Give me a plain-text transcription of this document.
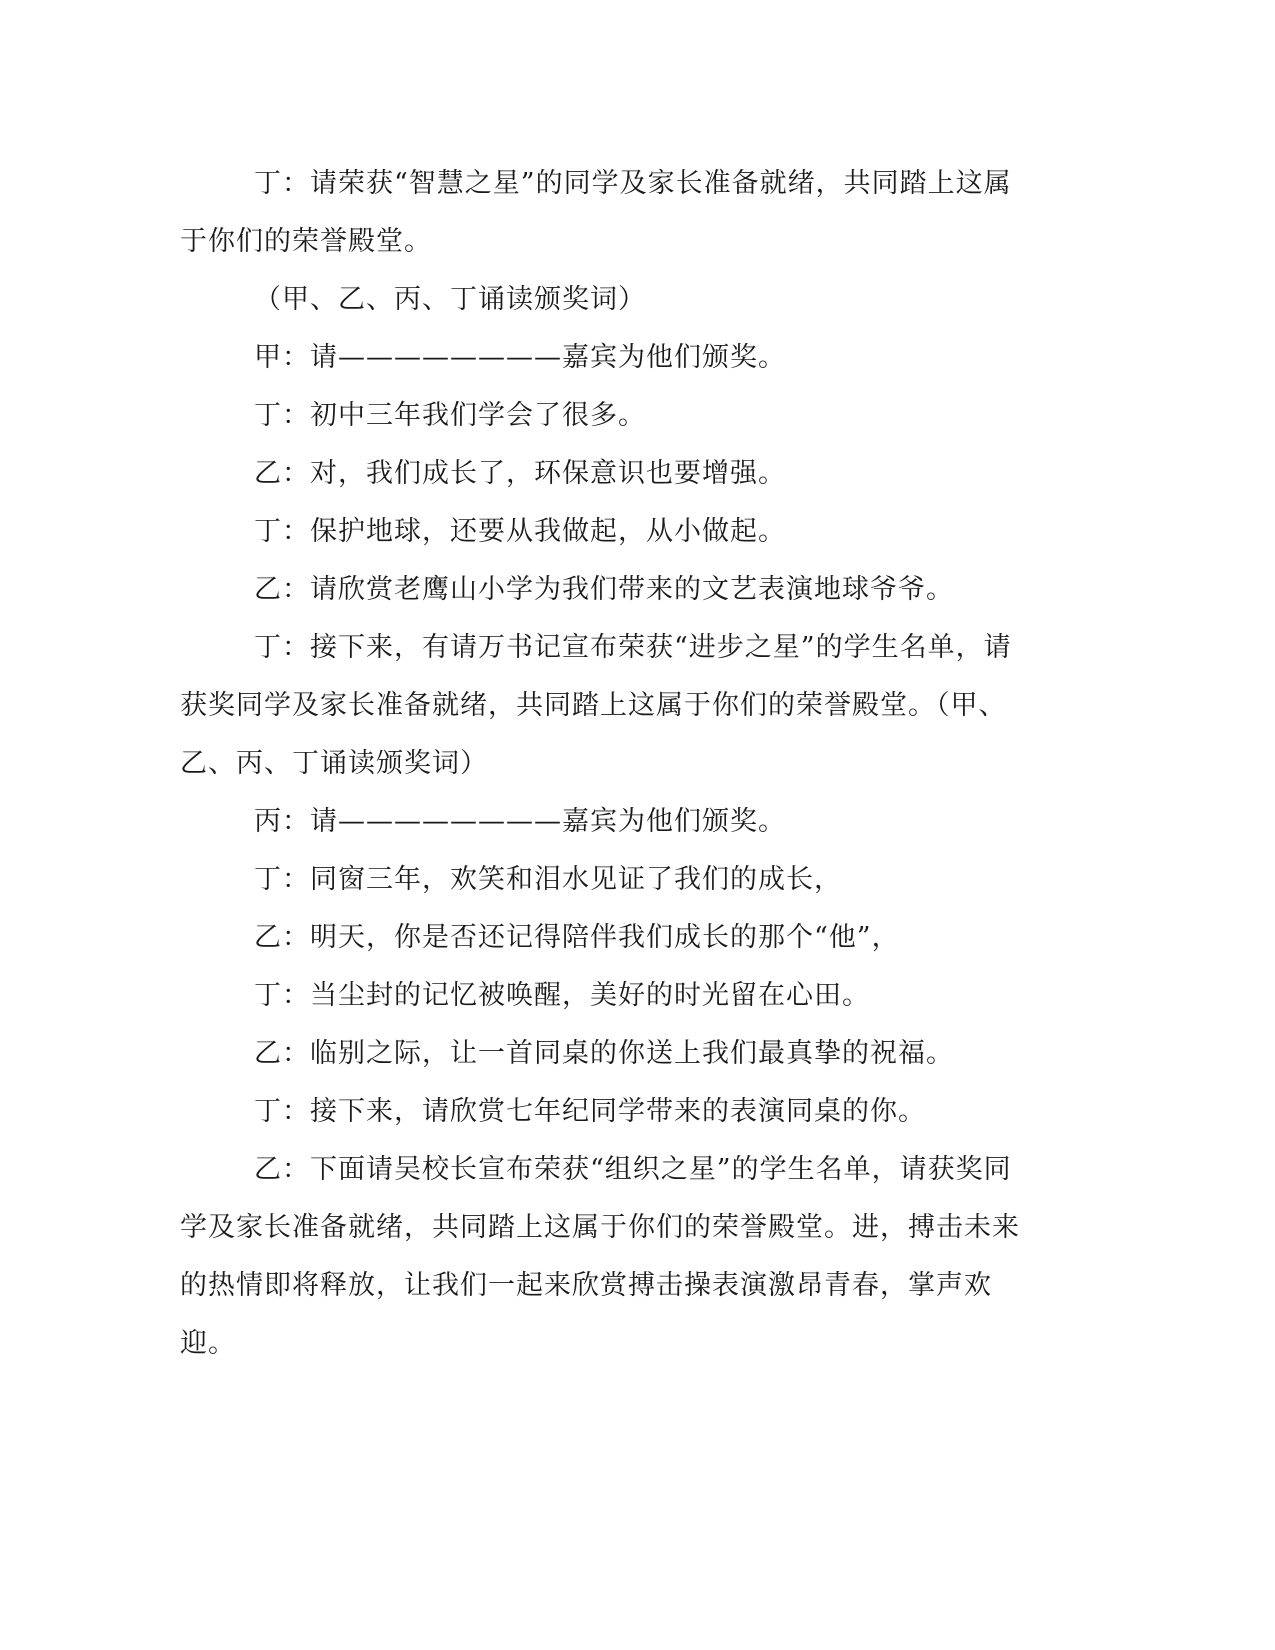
丁：请荣获“智慧之星”的同学及家长准备就绪，共同踏上这属于你们的荣誉殿堂。

（甲、乙、丙、丁诵读颁奖词）

甲：请————————嘉宾为他们颁奖。

丁：初中三年我们学会了很多。

乙：对，我们成长了，环保意识也要增强。

丁：保护地球，还要从我做起，从小做起。

乙：请欣赏老鹰山小学为我们带来的文艺表演地球爷爷。

丁：接下来，有请万书记宣布荣获“进步之星”的学生名单，请获奖同学及家长准备就绪，共同踏上这属于你们的荣誉殿堂。（甲、乙、丙、丁诵读颁奖词）

丙：请————————嘉宾为他们颁奖。

丁：同窗三年，欢笑和泪水见证了我们的成长，

乙：明天，你是否还记得陪伴我们成长的那个“他”，

丁：当尘封的记忆被唤醒，美好的时光留在心田。

乙：临别之际，让一首同桌的你送上我们最真挚的祝福。

丁：接下来，请欣赏七年纪同学带来的表演同桌的你。

乙：下面请吴校长宣布荣获“组织之星”的学生名单，请获奖同学及家长准备就绪，共同踏上这属于你们的荣誉殿堂。进，搏击未来的热情即将释放，让我们一起来欣赏搏击操表演激昂青春，掌声欢迎。
